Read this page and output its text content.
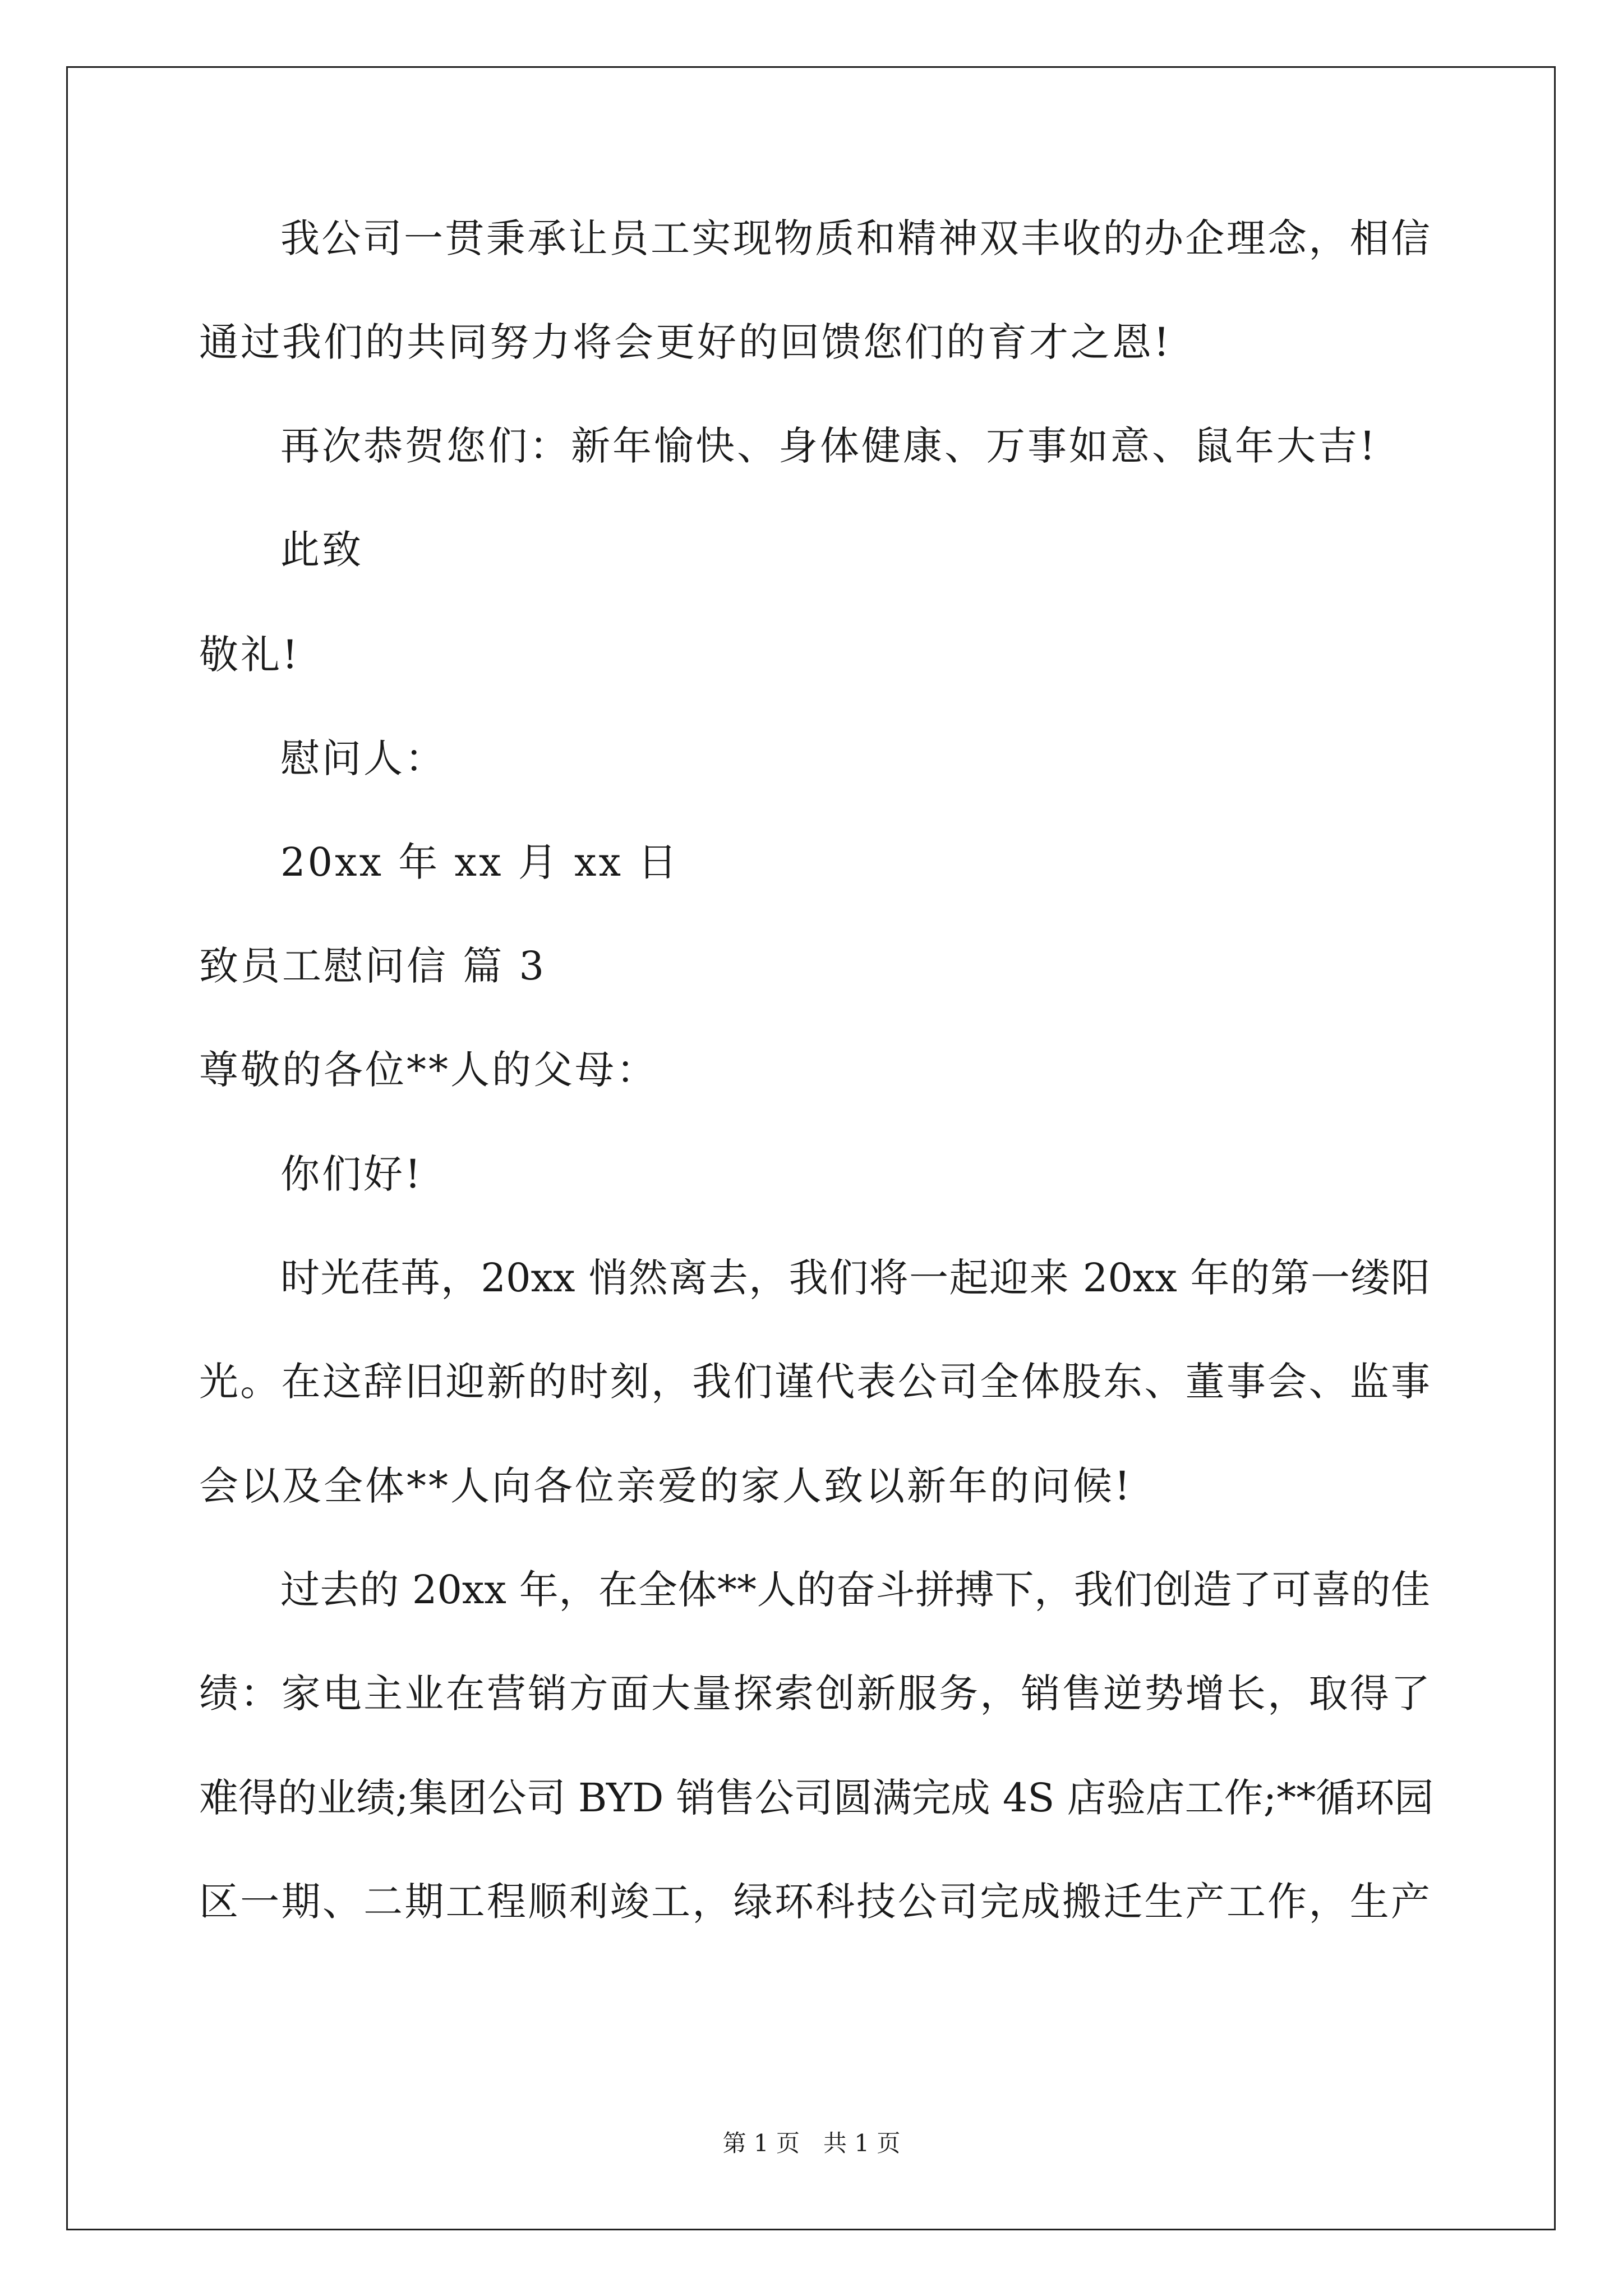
我公司一贯秉承让员工实现物质和精神双丰收的办企理念，相信
通过我们的共同努力将会更好的回馈您们的育才之恩!
再次恭贺您们：新年愉快、身体健康、万事如意、鼠年大吉!
此致
敬礼!
慰问人：
20xx 年 xx 月 xx 日
致员工慰问信 篇 3
尊敬的各位**人的父母：
你们好!
时光荏苒，20xx 悄然离去，我们将一起迎来 20xx 年的第一缕阳
光。在这辞旧迎新的时刻，我们谨代表公司全体股东、董事会、监事
会以及全体**人向各位亲爱的家人致以新年的问候!
过去的 20xx 年，在全体**人的奋斗拼搏下，我们创造了可喜的佳
绩：家电主业在营销方面大量探索创新服务，销售逆势增长，取得了
难得的业绩;集团公司 BYD 销售公司圆满完成 4S 店验店工作;**循环园
区一期、二期工程顺利竣工，绿环科技公司完成搬迁生产工作，生产
第 1 页　共 1 页
